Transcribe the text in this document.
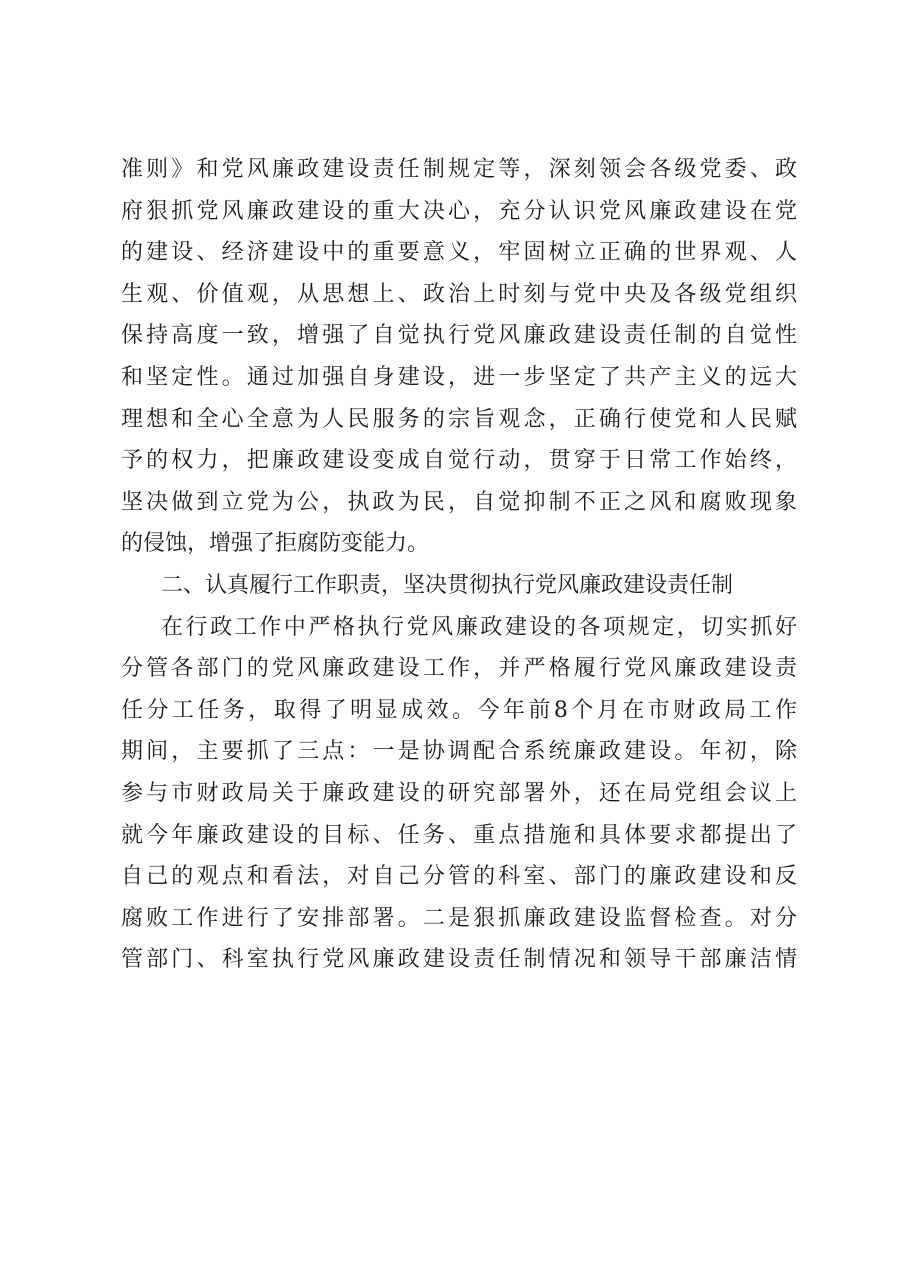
准则》和党风廉政建设责任制规定等，深刻领会各级党委、政
府狠抓党风廉政建设的重大决心，充分认识党风廉政建设在党
的建设、经济建设中的重要意义，牢固树立正确的世界观、人
生观、价值观，从思想上、政治上时刻与党中央及各级党组织
保持高度一致，增强了自觉执行党风廉政建设责任制的自觉性
和坚定性。通过加强自身建设，进一步坚定了共产主义的远大
理想和全心全意为人民服务的宗旨观念，正确行使党和人民赋
予的权力，把廉政建设变成自觉行动，贯穿于日常工作始终，
坚决做到立党为公，执政为民，自觉抑制不正之风和腐败现象
的侵蚀，增强了拒腐防变能力。
二、认真履行工作职责，坚决贯彻执行党风廉政建设责任制
在行政工作中严格执行党风廉政建设的各项规定，切实抓好
分管各部门的党风廉政建设工作，并严格履行党风廉政建设责
任分工任务，取得了明显成效。今年前8个月在市财政局工作
期间，主要抓了三点：一是协调配合系统廉政建设。年初，除
参与市财政局关于廉政建设的研究部署外，还在局党组会议上
就今年廉政建设的目标、任务、重点措施和具体要求都提出了
自己的观点和看法，对自己分管的科室、部门的廉政建设和反
腐败工作进行了安排部署。二是狠抓廉政建设监督检查。对分
管部门、科室执行党风廉政建设责任制情况和领导干部廉洁情
